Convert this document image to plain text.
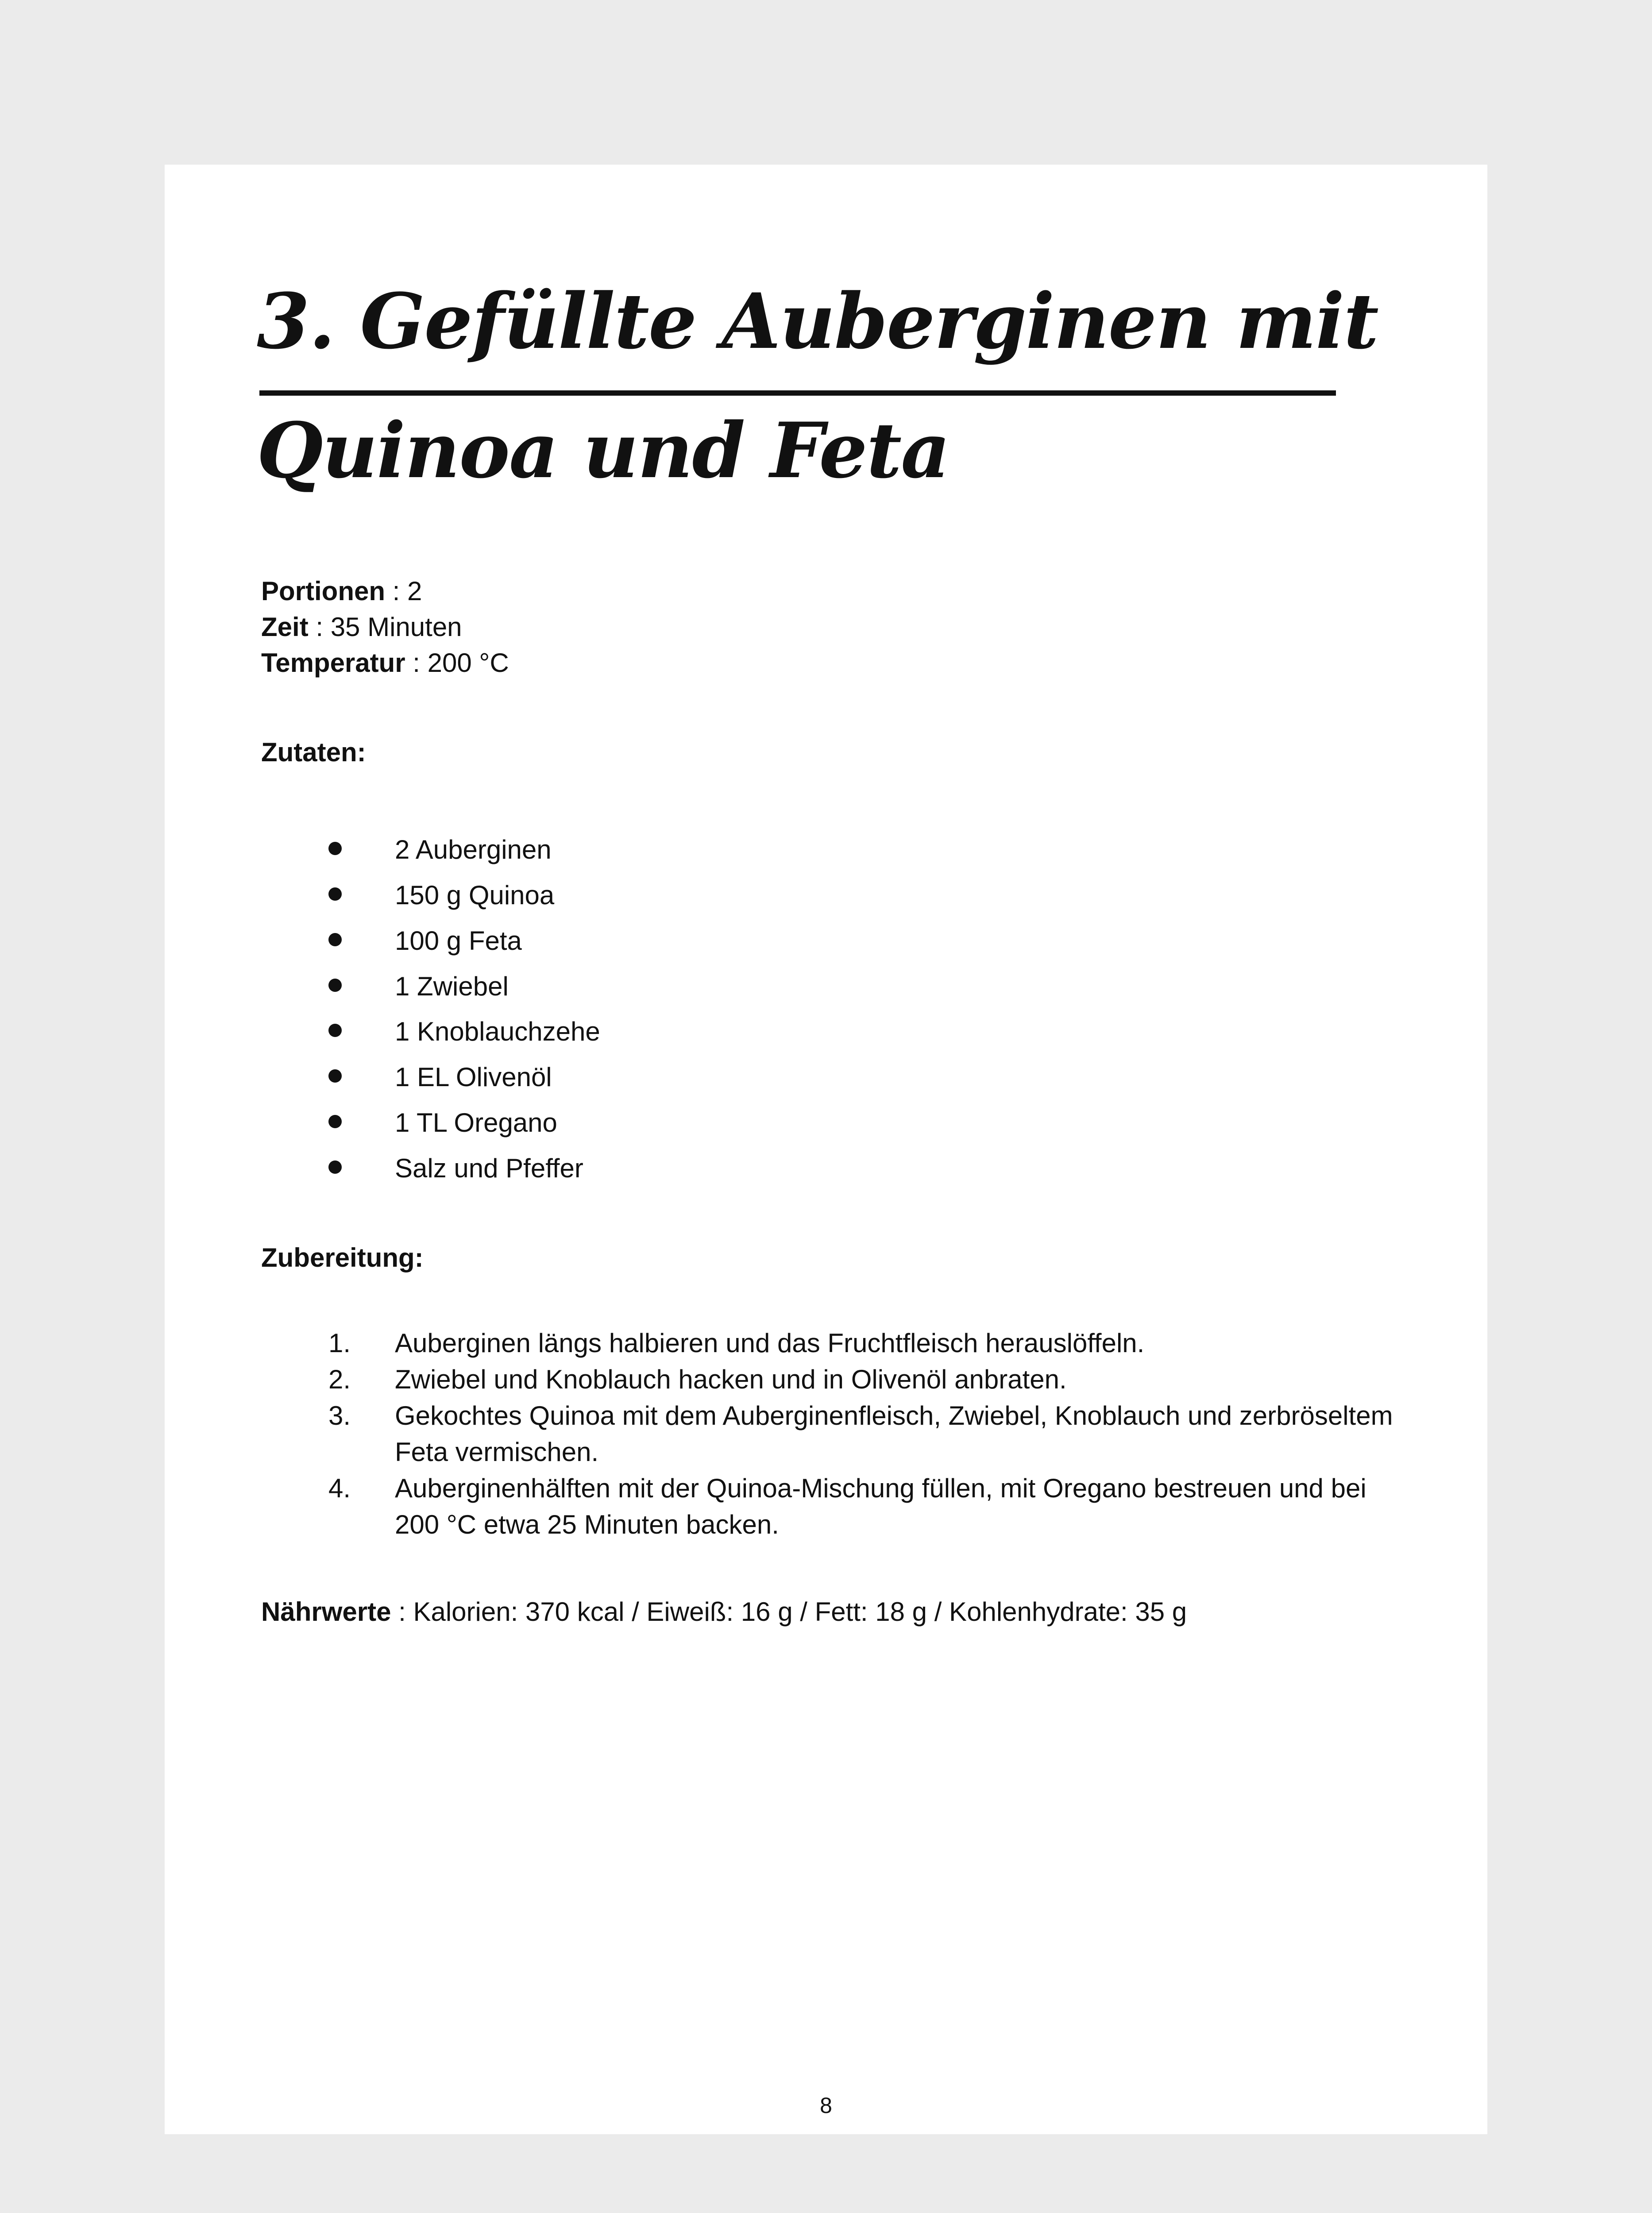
3. Gefüllte Auberginen mit
Quinoa und Feta
Portionen : 2
Zeit : 35 Minuten
Temperatur : 200 °C
Zutaten:
2 Auberginen
150 g Quinoa
100 g Feta
1 Zwiebel
1 Knoblauchzehe
1 EL Olivenöl
1 TL Oregano
Salz und Pfeffer
Zubereitung:
1. Auberginen längs halbieren und das Fruchtfleisch herauslöffeln.
2. Zwiebel und Knoblauch hacken und in Olivenöl anbraten.
3. Gekochtes Quinoa mit dem Auberginenfleisch, Zwiebel, Knoblauch und zerbröseltem Feta vermischen.
4. Auberginenhälften mit der Quinoa-Mischung füllen, mit Oregano bestreuen und bei 200 °C etwa 25 Minuten backen.
Nährwerte : Kalorien: 370 kcal / Eiweiß: 16 g / Fett: 18 g / Kohlenhydrate: 35 g
8
